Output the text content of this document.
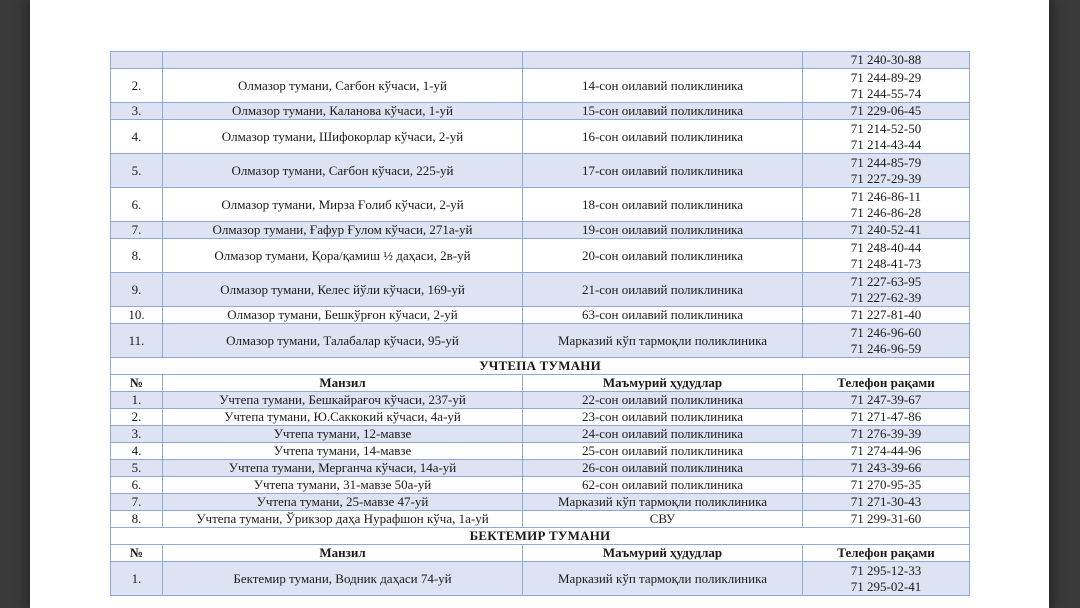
			71 240-30-88

2.	Олмазор тумани, Сағбон кўчаси, 1-уй	14-сон оилавий поликлиника	71 244-89-29
71 244-55-74

3.	Олмазор тумани, Каланова кўчаси, 1-уй	15-сон оилавий поликлиника	71 229-06-45

4.	Олмазор тумани, Шифокорлар кўчаси, 2-уй	16-сон оилавий поликлиника	71 214-52-50
71 214-43-44

5.	Олмазор тумани, Сағбон кўчаси, 225-уй	17-сон оилавий поликлиника	71 244-85-79
71 227-29-39

6.	Олмазор тумани, Мирза Ғолиб кўчаси, 2-уй	18-сон оилавий поликлиника	71 246-86-11
71 246-86-28

7.	Олмазор тумани, Ғафур Ғулом кўчаси, 271а-уй	19-сон оилавий поликлиника	71 240-52-41

8.	Олмазор тумани, Қора/қамиш ½ даҳаси, 2в-уй	20-сон оилавий поликлиника	71 248-40-44
71 248-41-73

9.	Олмазор тумани, Келес йўли кўчаси, 169-уй	21-сон оилавий поликлиника	71 227-63-95
71 227-62-39

10.	Олмазор тумани, Бешкўрғон кўчаси, 2-уй	63-сон оилавий поликлиника	71 227-81-40

11.	Олмазор тумани, Талабалар кўчаси, 95-уй	Марказий кўп тармоқли поликлиника	71 246-96-60
71 246-96-59

УЧТЕПА ТУМАНИ			
№	Манзил	Маъмурий ҳудудлар	Телефон рақами
1.	Учтепа тумани, Бешкайрағоч кўчаси, 237-уй	22-сон оилавий поликлиника	71 247-39-67

2.	Учтепа тумани, Ю.Саккокий кўчаси, 4а-уй	23-сон оилавий поликлиника	71 271-47-86

3.	Учтепа тумани, 12-мавзе	24-сон оилавий поликлиника	71 276-39-39

4.	Учтепа тумани, 14-мавзе	25-сон оилавий поликлиника	71 274-44-96

5.	Учтепа тумани, Мерганча кўчаси, 14а-уй	26-сон оилавий поликлиника	71 243-39-66

6.	Учтепа тумани, 31-мавзе 50а-уй	62-сон оилавий поликлиника	71 270-95-35

7.	Учтепа тумани, 25-мавзе 47-уй	Марказий кўп тармоқли поликлиника	71 271-30-43

8.	Учтепа тумани, Ўрикзор даҳа Нурафшон кўча, 1а-уй	СВУ	71 299-31-60

БЕКТЕМИР ТУМАНИ			
№	Манзил	Маъмурий ҳудудлар	Телефон рақами
1.	Бектемир тумани, Водник даҳаси 74-уй	Марказий кўп тармоқли поликлиника	71 295-12-33
71 295-02-41
